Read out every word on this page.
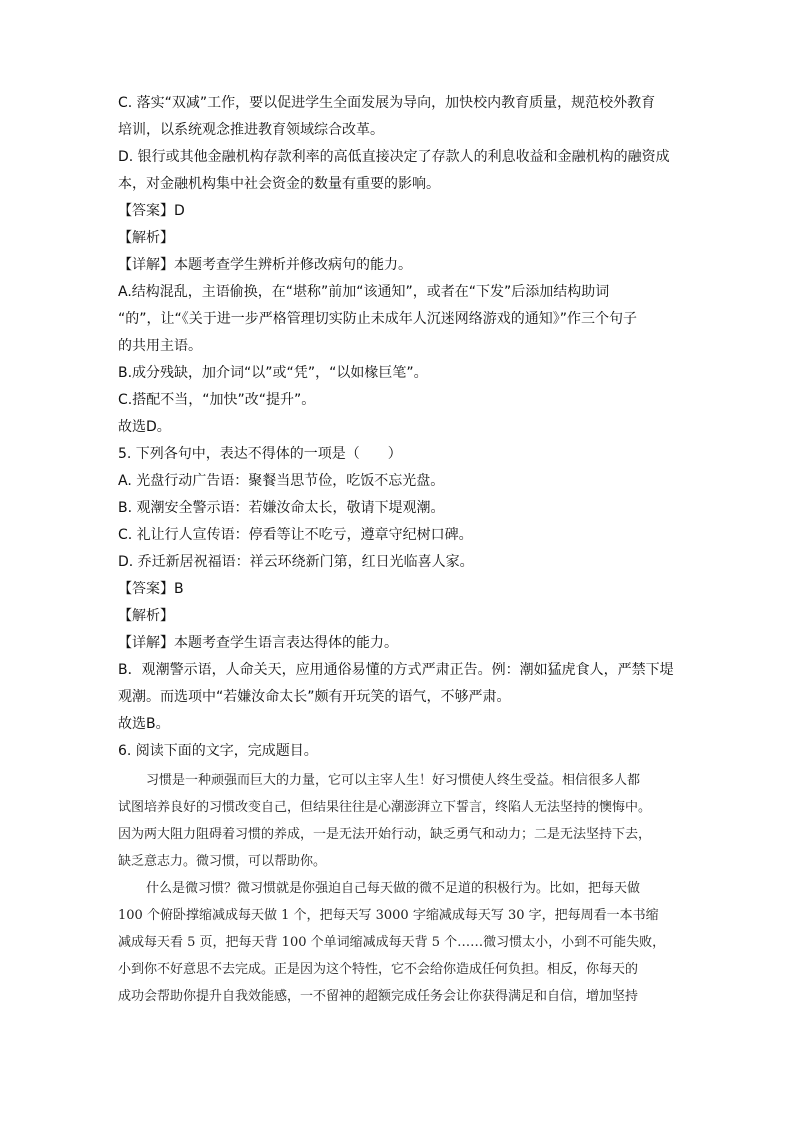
C. 落实“双减”工作，要以促进学生全面发展为导向，加快校内教育质量，规范校外教育

培训，以系统观念推进教育领域综合改革。

D. 银行或其他金融机构存款利率的高低直接决定了存款人的利息收益和金融机构的融资成

本，对金融机构集中社会资金的数量有重要的影响。

【答案】D

【解析】

【详解】本题考查学生辨析并修改病句的能力。

A.结构混乱，主语偷换，在“堪称”前加“该通知”，或者在“下发”后添加结构助词

“的”，让“《关于进一步严格管理切实防止未成年人沉迷网络游戏的通知》”作三个句子

的共用主语。

B.成分残缺，加介词“以”或“凭”，“以如椽巨笔”。

C.搭配不当，“加快”改“提升”。

故选D。

5. 下列各句中，表达不得体的一项是（　　）

A. 光盘行动广告语：聚餐当思节俭，吃饭不忘光盘。

B. 观潮安全警示语：若嫌汝命太长，敬请下堤观潮。

C. 礼让行人宣传语：停看等让不吃亏，遵章守纪树口碑。

D. 乔迁新居祝福语：祥云环绕新门第，红日光临喜人家。

【答案】B

【解析】

【详解】本题考查学生语言表达得体的能力。

B．观潮警示语，人命关天，应用通俗易懂的方式严肃正告。例：潮如猛虎食人，严禁下堤

观潮。而选项中“若嫌汝命太长”颇有开玩笑的语气，不够严肃。

故选B。

6. 阅读下面的文字，完成题目。

习惯是一种顽强而巨大的力量，它可以主宰人生！好习惯使人终生受益。相信很多人都

试图培养良好的习惯改变自己，但结果往往是心潮澎湃立下誓言，终陷人无法坚持的懊悔中。

因为两大阻力阻碍着习惯的养成，一是无法开始行动，缺乏勇气和动力；二是无法坚持下去，

缺乏意志力。微习惯，可以帮助你。

什么是微习惯？微习惯就是你强迫自己每天做的微不足道的积极行为。比如，把每天做

100 个俯卧撑缩减成每天做 1 个，把每天写 3000 字缩减成每天写 30 字，把每周看一本书缩

减成每天看 5 页，把每天背 100 个单词缩减成每天背 5 个……微习惯太小，小到不可能失败，

小到你不好意思不去完成。正是因为这个特性，它不会给你造成任何负担。相反，你每天的

成功会帮助你提升自我效能感，一不留神的超额完成任务会让你获得满足和自信，增加坚持
